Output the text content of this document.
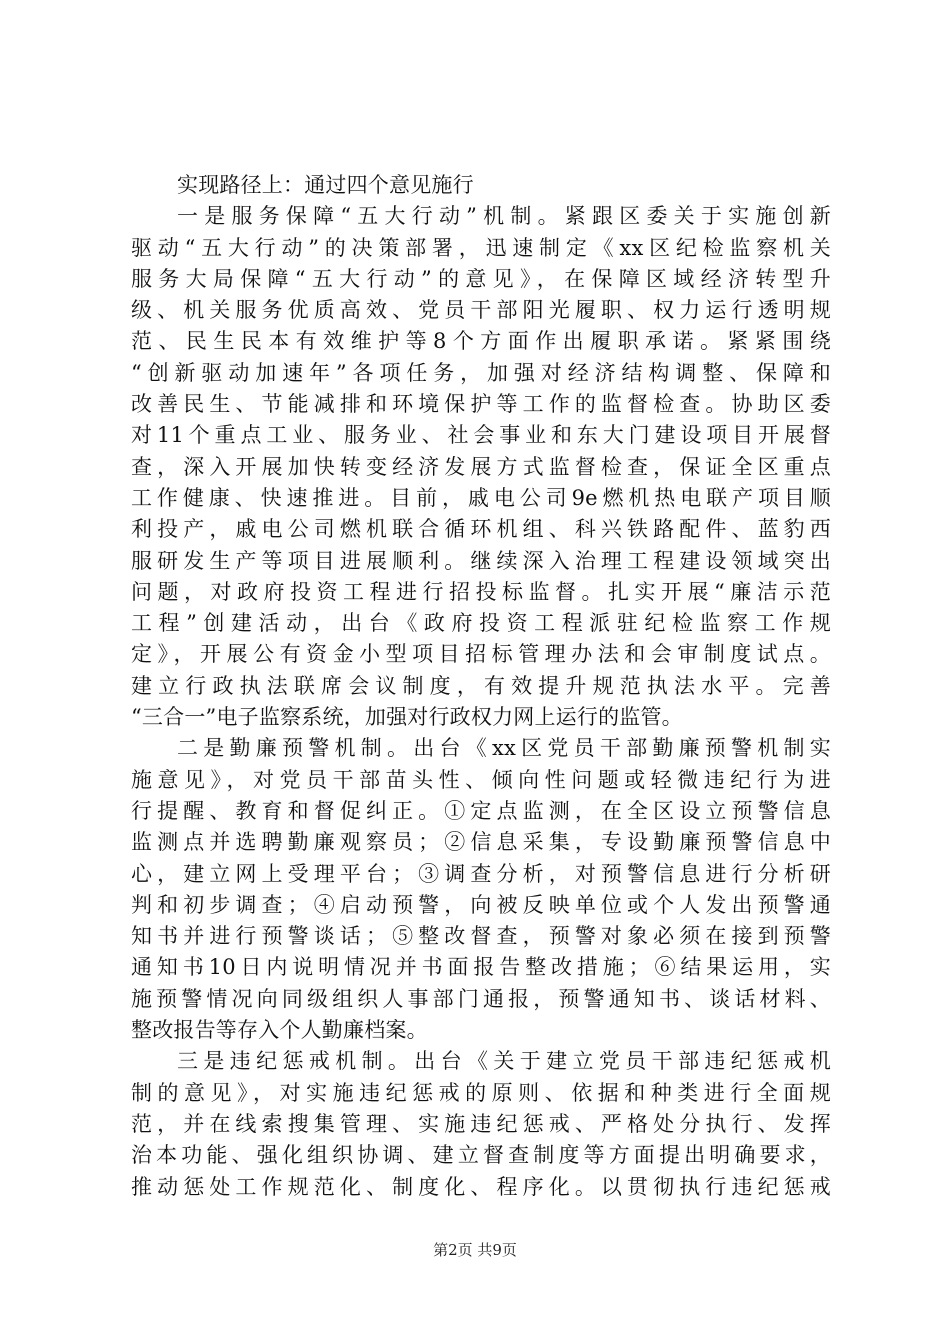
实现路径上：通过四个意见施行
一是服务保障“五大行动”机制。紧跟区委关于实施创新
驱动“五大行动”的决策部署，迅速制定《xx区纪检监察机关
服务大局保障“五大行动”的意见》，在保障区域经济转型升
级、机关服务优质高效、党员干部阳光履职、权力运行透明规
范、民生民本有效维护等8个方面作出履职承诺。紧紧围绕
“创新驱动加速年”各项任务，加强对经济结构调整、保障和
改善民生、节能减排和环境保护等工作的监督检查。协助区委
对11个重点工业、服务业、社会事业和东大门建设项目开展督
查，深入开展加快转变经济发展方式监督检查，保证全区重点
工作健康、快速推进。目前，戚电公司9e燃机热电联产项目顺
利投产，戚电公司燃机联合循环机组、科兴铁路配件、蓝豹西
服研发生产等项目进展顺利。继续深入治理工程建设领域突出
问题，对政府投资工程进行招投标监督。扎实开展“廉洁示范
工程”创建活动，出台《政府投资工程派驻纪检监察工作规
定》，开展公有资金小型项目招标管理办法和会审制度试点。
建立行政执法联席会议制度，有效提升规范执法水平。完善
“三合一”电子监察系统，加强对行政权力网上运行的监管。
二是勤廉预警机制。出台《xx区党员干部勤廉预警机制实
施意见》，对党员干部苗头性、倾向性问题或轻微违纪行为进
行提醒、教育和督促纠正。①定点监测，在全区设立预警信息
监测点并选聘勤廉观察员；②信息采集，专设勤廉预警信息中
心，建立网上受理平台；③调查分析，对预警信息进行分析研
判和初步调查；④启动预警，向被反映单位或个人发出预警通
知书并进行预警谈话；⑤整改督查，预警对象必须在接到预警
通知书10日内说明情况并书面报告整改措施；⑥结果运用，实
施预警情况向同级组织人事部门通报，预警通知书、谈话材料、
整改报告等存入个人勤廉档案。
三是违纪惩戒机制。出台《关于建立党员干部违纪惩戒机
制的意见》，对实施违纪惩戒的原则、依据和种类进行全面规
范，并在线索搜集管理、实施违纪惩戒、严格处分执行、发挥
治本功能、强化组织协调、建立督查制度等方面提出明确要求，
推动惩处工作规范化、制度化、程序化。以贯彻执行违纪惩戒
第2页 共9页
